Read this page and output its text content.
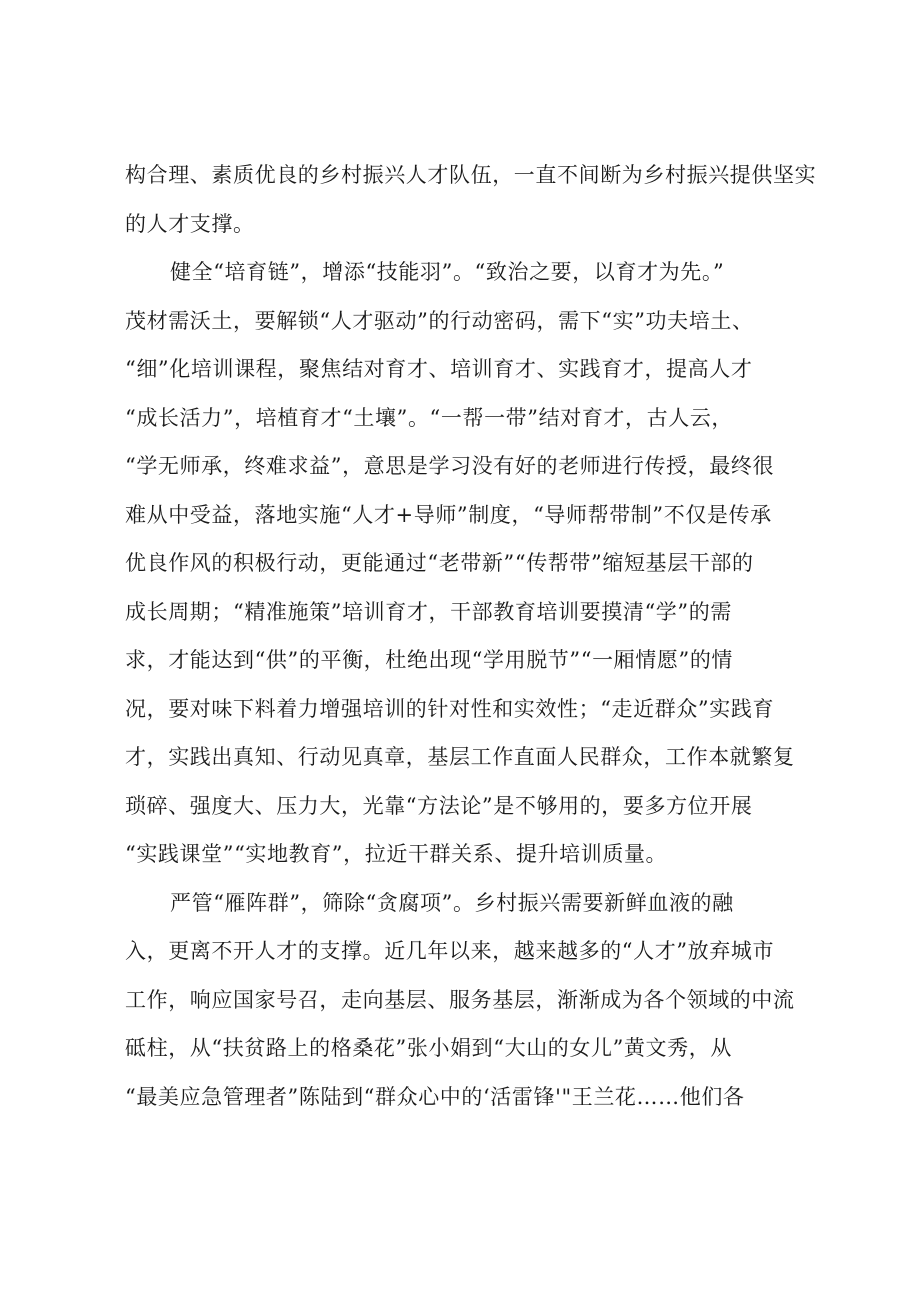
构合理、素质优良的乡村振兴人才队伍，一直不间断为乡村振兴提供坚实
的人才支撑。
健全“培育链”，增添“技能羽”。“致治之要，以育才为先。”
茂材需沃土，要解锁“人才驱动”的行动密码，需下“实”功夫培土、
“细”化培训课程，聚焦结对育才、培训育才、实践育才，提高人才
“成长活力”，培植育才“土壤”。“一帮一带”结对育才，古人云，
“学无师承，终难求益”，意思是学习没有好的老师进行传授，最终很
难从中受益，落地实施“人才+导师”制度，“导师帮带制”不仅是传承
优良作风的积极行动，更能通过“老带新”“传帮带”缩短基层干部的
成长周期；“精准施策”培训育才，干部教育培训要摸清“学”的需
求，才能达到“供”的平衡，杜绝出现“学用脱节”“一厢情愿”的情
况，要对味下料着力增强培训的针对性和实效性；“走近群众”实践育
才，实践出真知、行动见真章，基层工作直面人民群众，工作本就繁复
琐碎、强度大、压力大，光靠“方法论”是不够用的，要多方位开展
“实践课堂”“实地教育”，拉近干群关系、提升培训质量。
严管“雁阵群”，筛除“贪腐项”。乡村振兴需要新鲜血液的融
入，更离不开人才的支撑。近几年以来，越来越多的“人才”放弃城市
工作，响应国家号召，走向基层、服务基层，渐渐成为各个领域的中流
砥柱，从“扶贫路上的格桑花”张小娟到“大山的女儿”黄文秀，从
“最美应急管理者”陈陆到“群众心中的‘活雷锋'"王兰花……他们各
